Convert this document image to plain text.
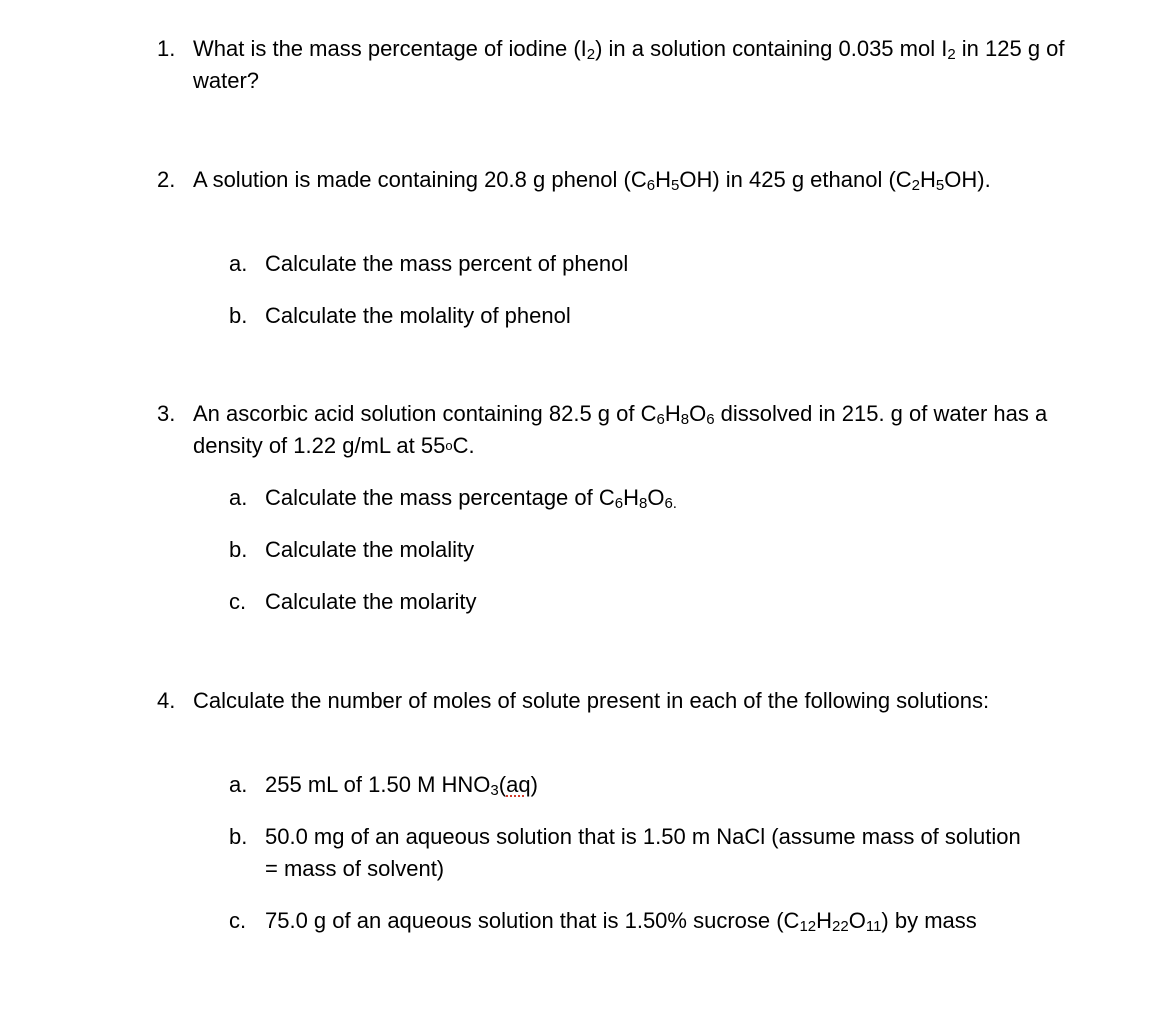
1. What is the mass percentage of iodine $(I_2)$ in a solution containing 0.035 mol $I_2$ in 125 g of water?
2. A solution is made containing 20.8 g phenol $(C_6H_5OH)$ in 425 g ethanol $(C_2H_5OH)$.
a. Calculate the mass percent of phenol
b. Calculate the molality of phenol
3. An ascorbic acid solution containing 82.5 g of $C_6H_8O_6$ dissolved in 215. g of water has a density of 1.22 g/mL at 55$^o$C.
a. Calculate the mass percentage of $C_6H_8O_{6.}$
b. Calculate the molality
c. Calculate the molarity
4. Calculate the number of moles of solute present in each of the following solutions:
a. 255 mL of 1.50 M $HNO_3(aq)$
b. 50.0 mg of an aqueous solution that is 1.50 m NaCl (assume mass of solution = mass of solvent)
c. 75.0 g of an aqueous solution that is 1.50% sucrose $(C_{12}H_{22}O_{11})$ by mass
